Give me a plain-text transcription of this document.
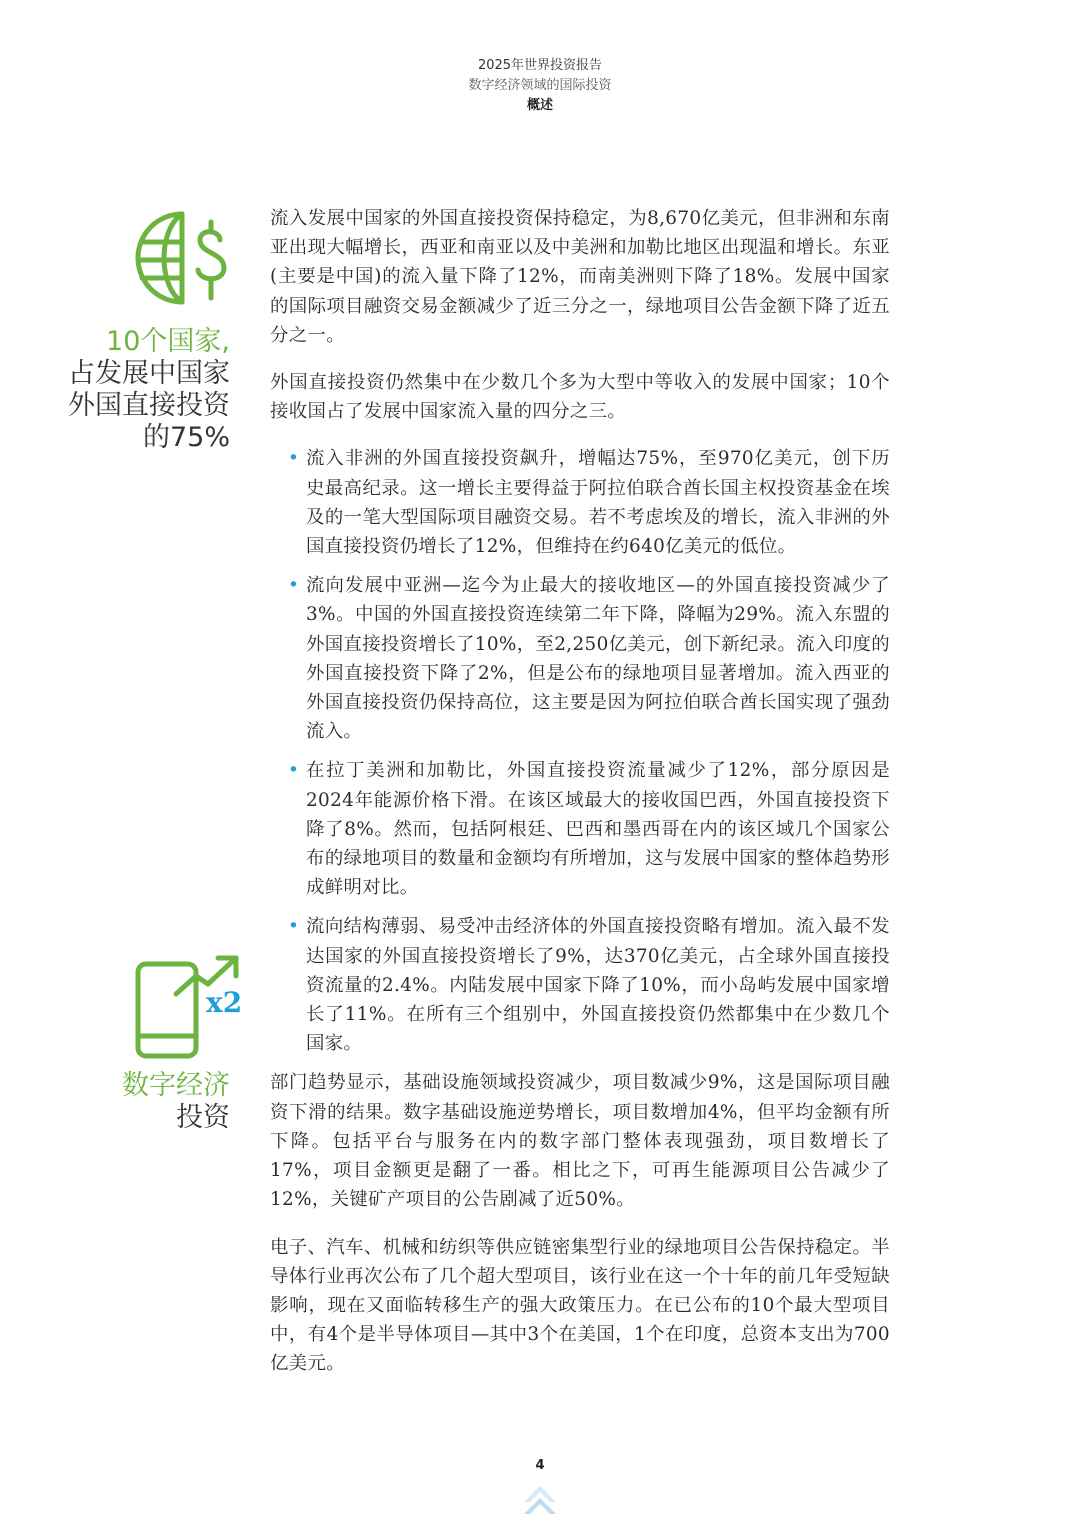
2025年世界投资报告
数字经济领域的国际投资
概述
10个国家,
占发展中国家
外国直接投资
的75%
x2
数字经济
投资

流入发展中国家的外国直接投资保持稳定，为8,670亿美元，但非洲和东南亚出现大幅增长，西亚和南亚以及中美洲和加勒比地区出现温和增长。东亚(主要是中国)的流入量下降了12%，而南美洲则下降了18%。发展中国家的国际项目融资交易金额减少了近三分之一，绿地项目公告金额下降了近五分之一。

外国直接投资仍然集中在少数几个多为大型中等收入的发展中国家；10个接收国占了发展中国家流入量的四分之三。

• 流入非洲的外国直接投资飙升，增幅达75%，至970亿美元，创下历史最高纪录。这一增长主要得益于阿拉伯联合酋长国主权投资基金在埃及的一笔大型国际项目融资交易。若不考虑埃及的增长，流入非洲的外国直接投资仍增长了12%，但维持在约640亿美元的低位。
• 流向发展中亚洲—迄今为止最大的接收地区—的外国直接投资减少了3%。中国的外国直接投资连续第二年下降，降幅为29%。流入东盟的外国直接投资增长了10%，至2,250亿美元，创下新纪录。流入印度的外国直接投资下降了2%，但是公布的绿地项目显著增加。流入西亚的外国直接投资仍保持高位，这主要是因为阿拉伯联合酋长国实现了强劲流入。
• 在拉丁美洲和加勒比，外国直接投资流量减少了12%，部分原因是2024年能源价格下滑。在该区域最大的接收国巴西，外国直接投资下降了8%。然而，包括阿根廷、巴西和墨西哥在内的该区域几个国家公布的绿地项目的数量和金额均有所增加，这与发展中国家的整体趋势形成鲜明对比。
• 流向结构薄弱、易受冲击经济体的外国直接投资略有增加。流入最不发达国家的外国直接投资增长了9%，达370亿美元，占全球外国直接投资流量的2.4%。内陆发展中国家下降了10%，而小岛屿发展中国家增长了11%。在所有三个组别中，外国直接投资仍然都集中在少数几个国家。

部门趋势显示，基础设施领域投资减少，项目数减少9%，这是国际项目融资下滑的结果。数字基础设施逆势增长，项目数增加4%，但平均金额有所下降。包括平台与服务在内的数字部门整体表现强劲，项目数增长了17%，项目金额更是翻了一番。相比之下，可再生能源项目公告减少了12%，关键矿产项目的公告剧减了近50%。

电子、汽车、机械和纺织等供应链密集型行业的绿地项目公告保持稳定。半导体行业再次公布了几个超大型项目，该行业在这一个十年的前几年受短缺影响，现在又面临转移生产的强大政策压力。在已公布的10个最大型项目中，有4个是半导体项目—其中3个在美国，1个在印度，总资本支出为700亿美元。

4
